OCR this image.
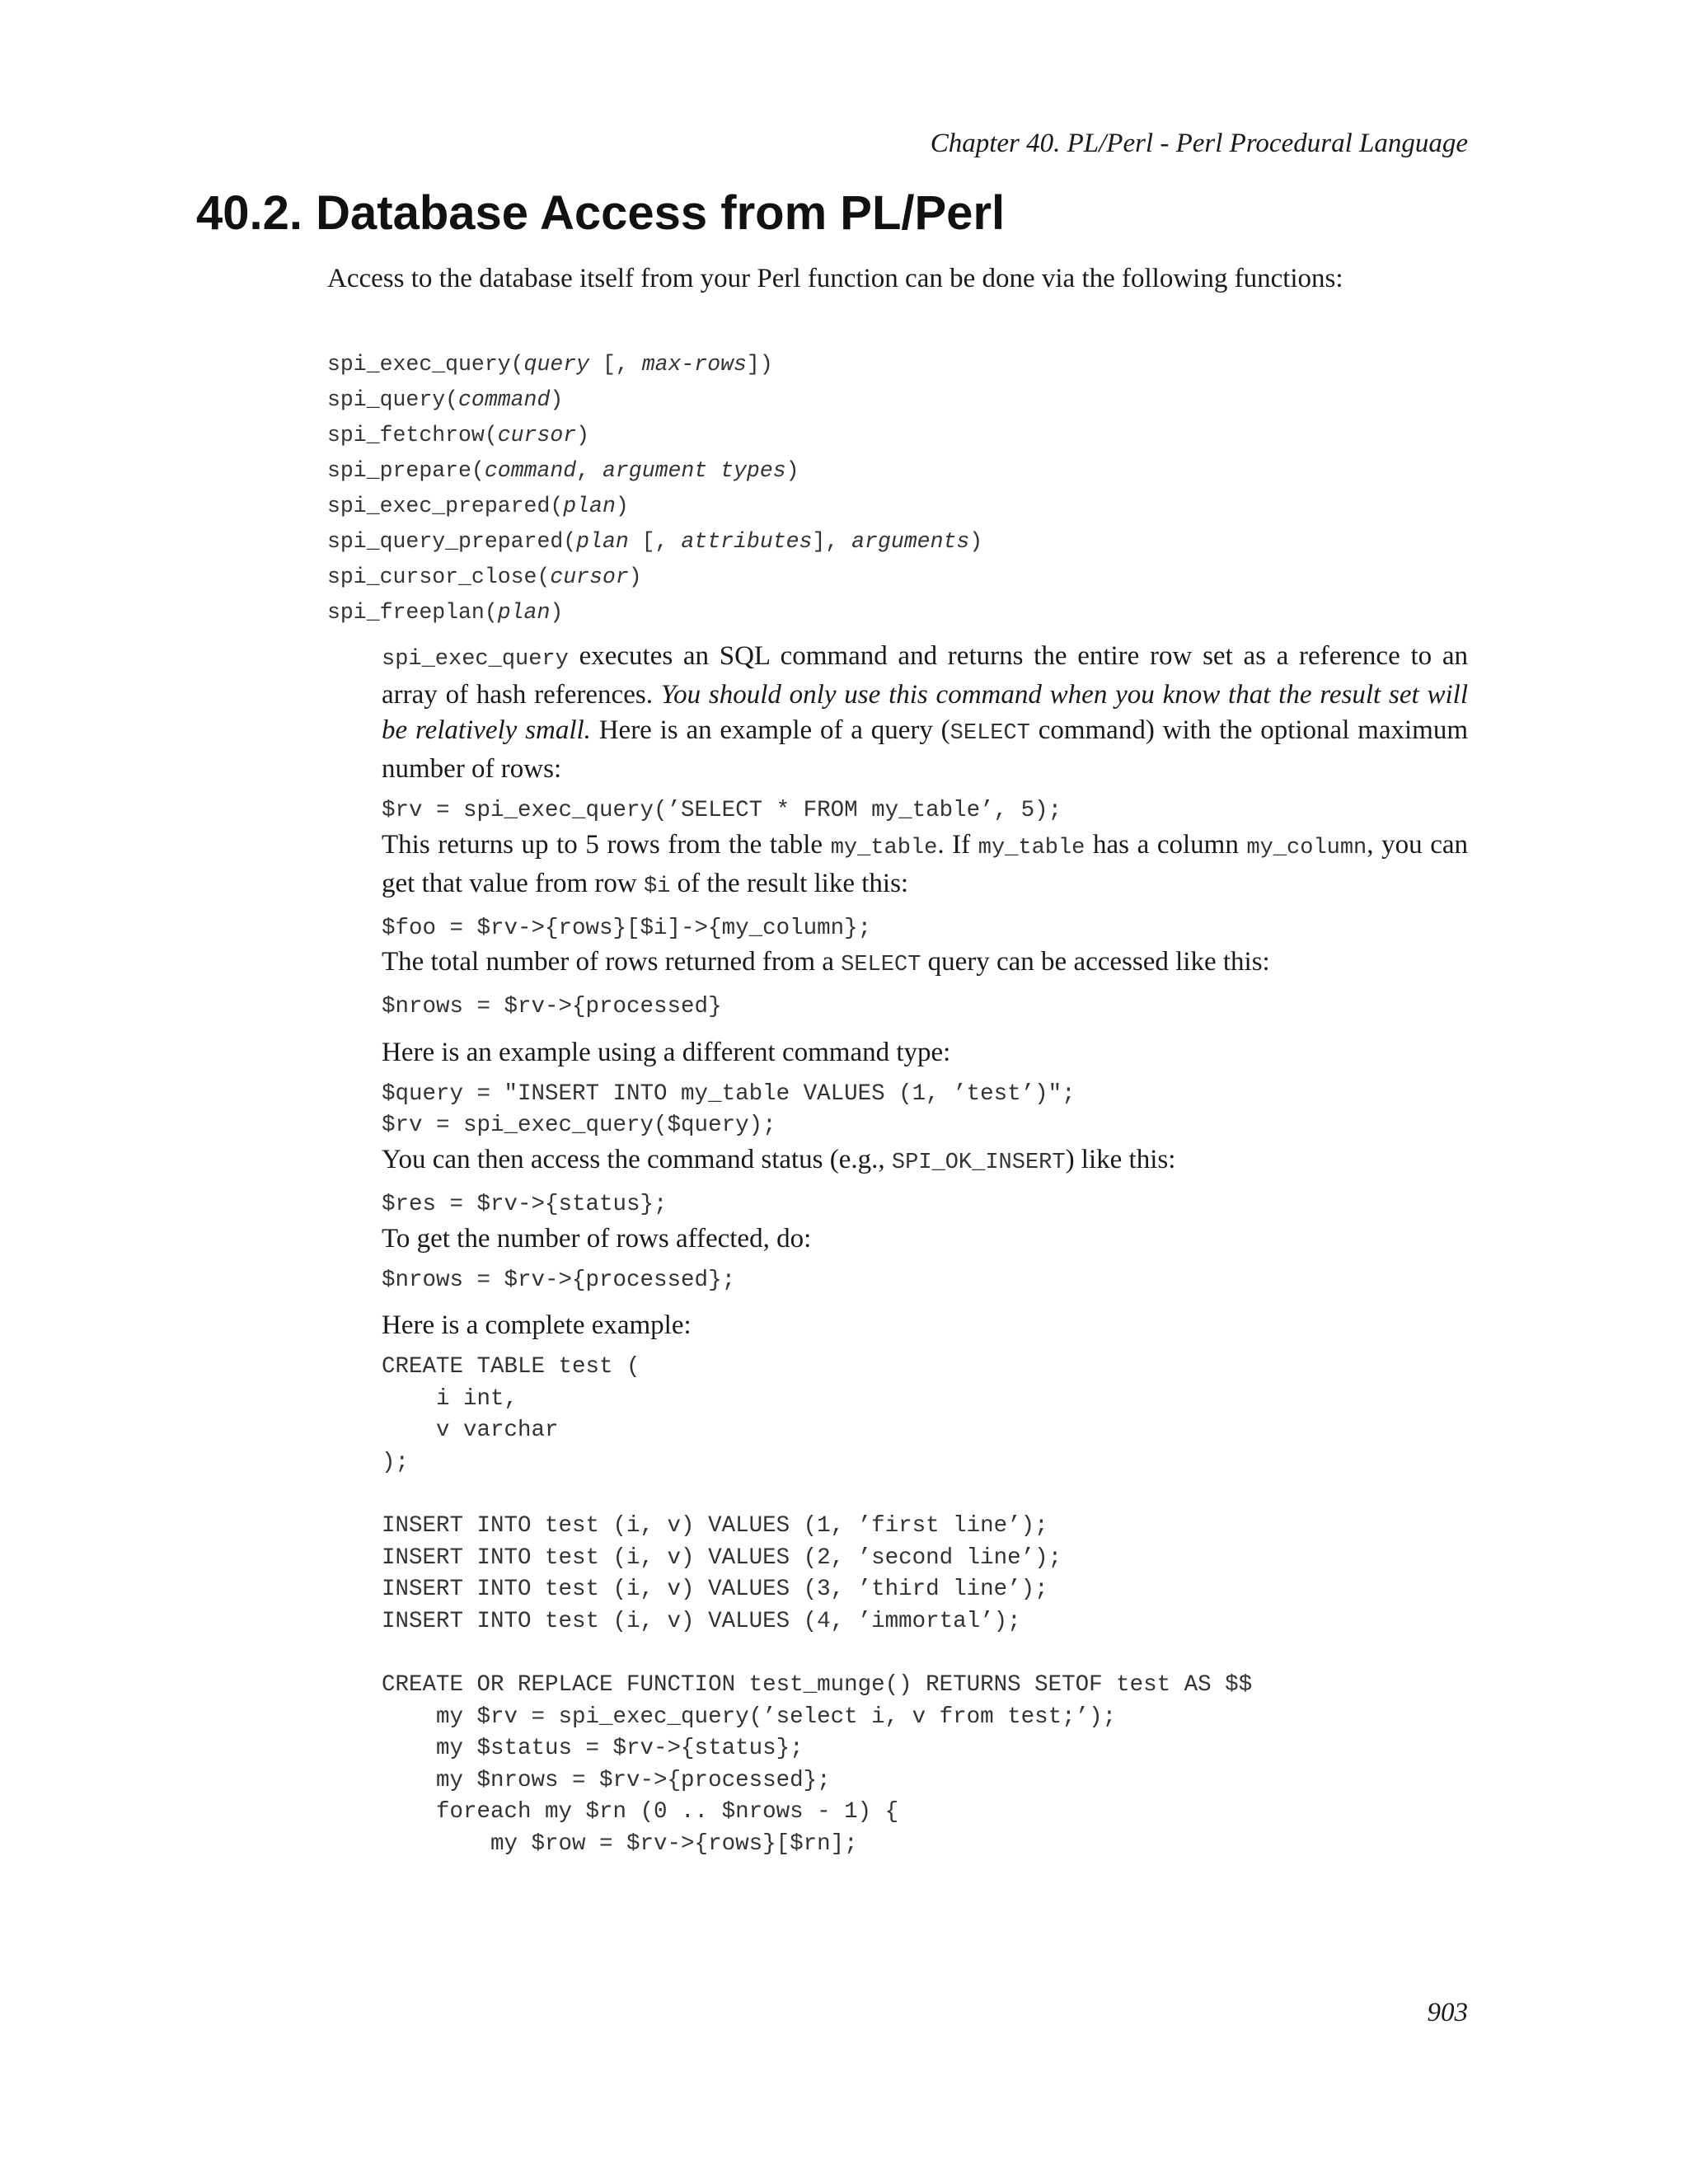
Chapter 40. PL/Perl - Perl Procedural Language
40.2. Database Access from PL/Perl
Access to the database itself from your Perl function can be done via the following functions:
spi_exec_query(query [, max-rows])
spi_query(command)
spi_fetchrow(cursor)
spi_prepare(command, argument types)
spi_exec_prepared(plan)
spi_query_prepared(plan [, attributes], arguments)
spi_cursor_close(cursor)
spi_freeplan(plan)

spi_exec_query executes an SQL command and returns the entire row set as a reference to an array of hash references. You should only use this command when you know that the result set will be relatively small. Here is an example of a query (SELECT command) with the optional maximum number of rows:

$rv = spi_exec_query(’SELECT * FROM my_table’, 5);

This returns up to 5 rows from the table my_table. If my_table has a column my_column, you can get that value from row $i of the result like this:

$foo = $rv->{rows}[$i]->{my_column};

The total number of rows returned from a SELECT query can be accessed like this:

$nrows = $rv->{processed}

Here is an example using a different command type:

$query = "INSERT INTO my_table VALUES (1, ’test’)";
$rv = spi_exec_query($query);

You can then access the command status (e.g., SPI_OK_INSERT) like this:

$res = $rv->{status};

To get the number of rows affected, do:

$nrows = $rv->{processed};

Here is a complete example:

CREATE TABLE test (
i int,
v varchar
);

INSERT INTO test (i, v) VALUES (1, ’first line’);
INSERT INTO test (i, v) VALUES (2, ’second line’);
INSERT INTO test (i, v) VALUES (3, ’third line’);
INSERT INTO test (i, v) VALUES (4, ’immortal’);

CREATE OR REPLACE FUNCTION test_munge() RETURNS SETOF test AS $$
my $rv = spi_exec_query(’select i, v from test;’);
my $status = $rv->{status};
my $nrows = $rv->{processed};
foreach my $rn (0 .. $nrows - 1) {
my $row = $rv->{rows}[$rn];
903
